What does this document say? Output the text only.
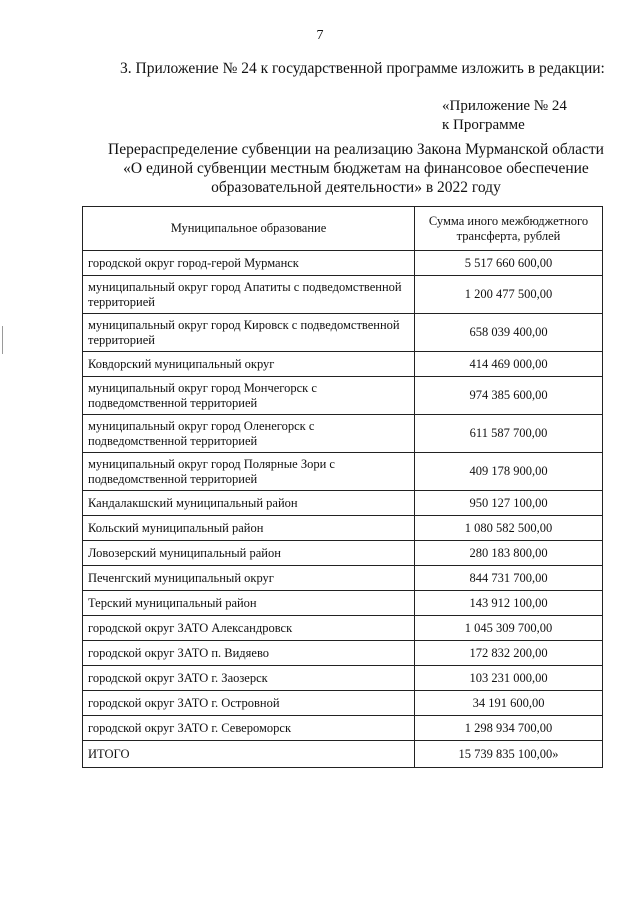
7
3. Приложение № 24 к государственной программе изложить в редакции:
«Приложение № 24
к Программе
Перераспределение субвенции на реализацию Закона Мурманской области
«О единой субвенции местным бюджетам на финансовое обеспечение
образовательной деятельности» в 2022 году
Муниципальное образование	Сумма иного межбюджетного трансферта, рублей
городской округ город-герой Мурманск	5 517 660 600,00
муниципальный округ город Апатиты с подведомственной территорией	1 200 477 500,00
муниципальный округ город Кировск с подведомственной территорией	658 039 400,00
Ковдорский муниципальный округ	414 469 000,00
муниципальный округ город Мончегорск с подведомственной территорией	974 385 600,00
муниципальный округ город Оленегорск с подведомственной территорией	611 587 700,00
муниципальный округ город Полярные Зори с подведомственной территорией	409 178 900,00
Кандалакшский муниципальный район	950 127 100,00
Кольский муниципальный район	1 080 582 500,00
Ловозерский муниципальный район	280 183 800,00
Печенгский муниципальный округ	844 731 700,00
Терский муниципальный район	143 912 100,00
городской округ ЗАТО Александровск	1 045 309 700,00
городской округ ЗАТО п. Видяево	172 832 200,00
городской округ ЗАТО г. Заозерск	103 231 000,00
городской округ ЗАТО г. Островной	34 191 600,00
городской округ ЗАТО г. Североморск	1 298 934 700,00
ИТОГО	15 739 835 100,00»
